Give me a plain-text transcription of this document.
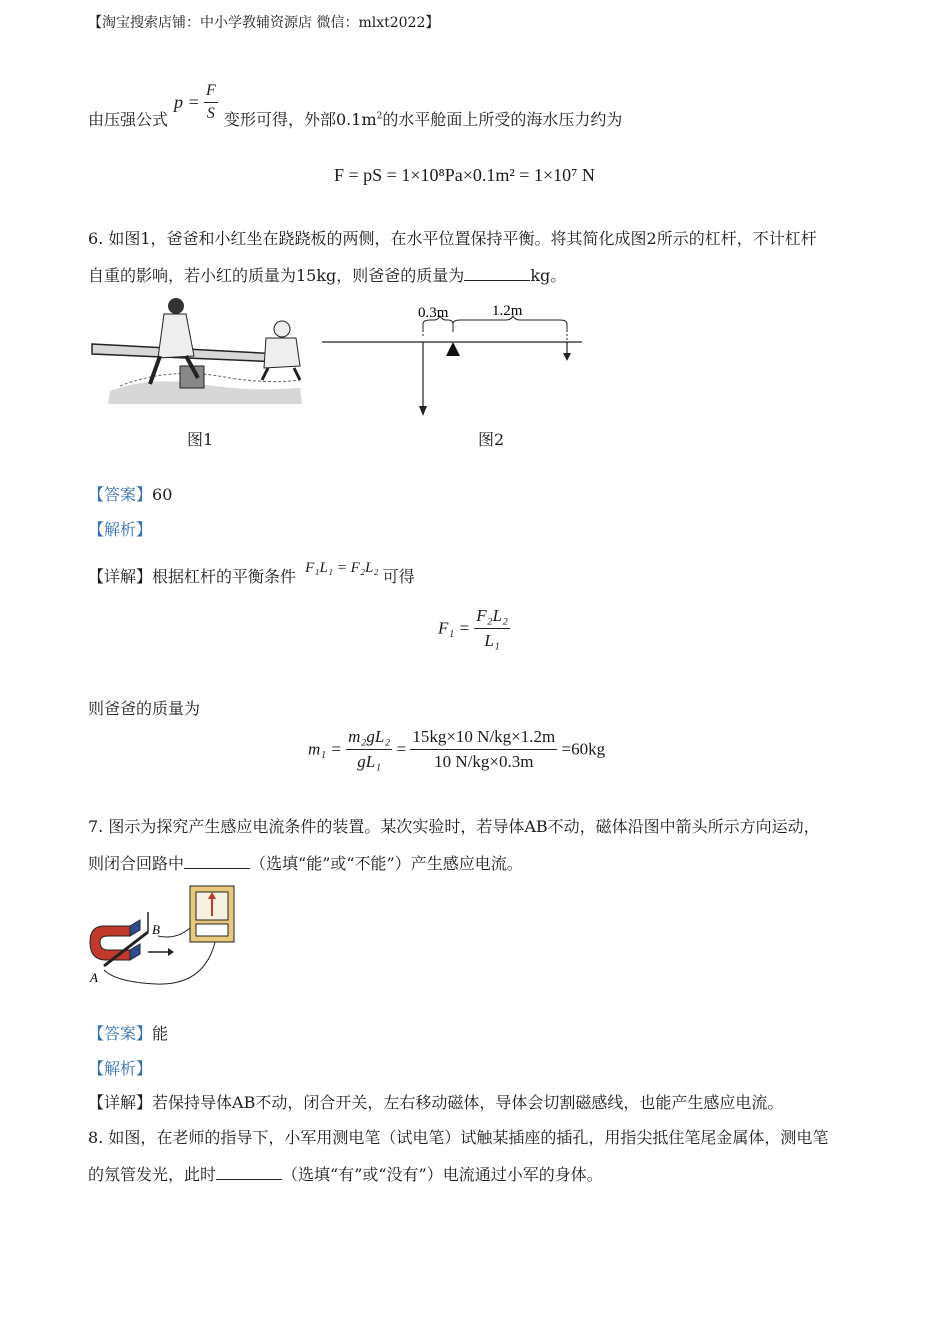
【淘宝搜索店铺：中小学教辅资源店 微信：mlxt2022】
由压强公式
$p = \frac{F}{S}$ 变形可得，外部$0.1m^2$的水平舱面上所受的海水压力约为
F = pS = 1×10⁸Pa×0.1m² = 1×10⁷ N
6. 如图1，爸爸和小红坐在跷跷板的两侧，在水平位置保持平衡。将其简化成图2所示的杠杆，不计杠杆
自重的影响，若小红的质量为15kg，则爸爸的质量为	kg。
图1
0.3m	1.2m
图2
【答案】60
【解析】
【详解】根据杠杆的平衡条件 F₁L₁ = F₂L₂ 可得
$F_1 = \frac{\text{F₂L₂}}{\text{L₁}}$
则爸爸的质量为
$m_1 = \frac{\text{m₂gL₂}}{\text{gL₁}} = \frac{15kg\times 10 N/kg\times 1.2m}{10 N/kg\times 0.3m} =60kg$
7. 图示为探究产生感应电流条件的装置。某次实验时，若导体AB不动，磁体沿图中箭头所示方向运动，
则闭合回路中	（选填“能”或“不能”）产生感应电流。
B
A
【答案】能
【解析】
【详解】若保持导体AB不动，闭合开关，左右移动磁体，导体会切割磁感线，也能产生感应电流。
8. 如图，在老师的指导下，小军用测电笔（试电笔）试触某插座的插孔，用指尖抵住笔尾金属体，测电笔
的氖管发光，此时	（选填“有”或“没有”）电流通过小军的身体。
